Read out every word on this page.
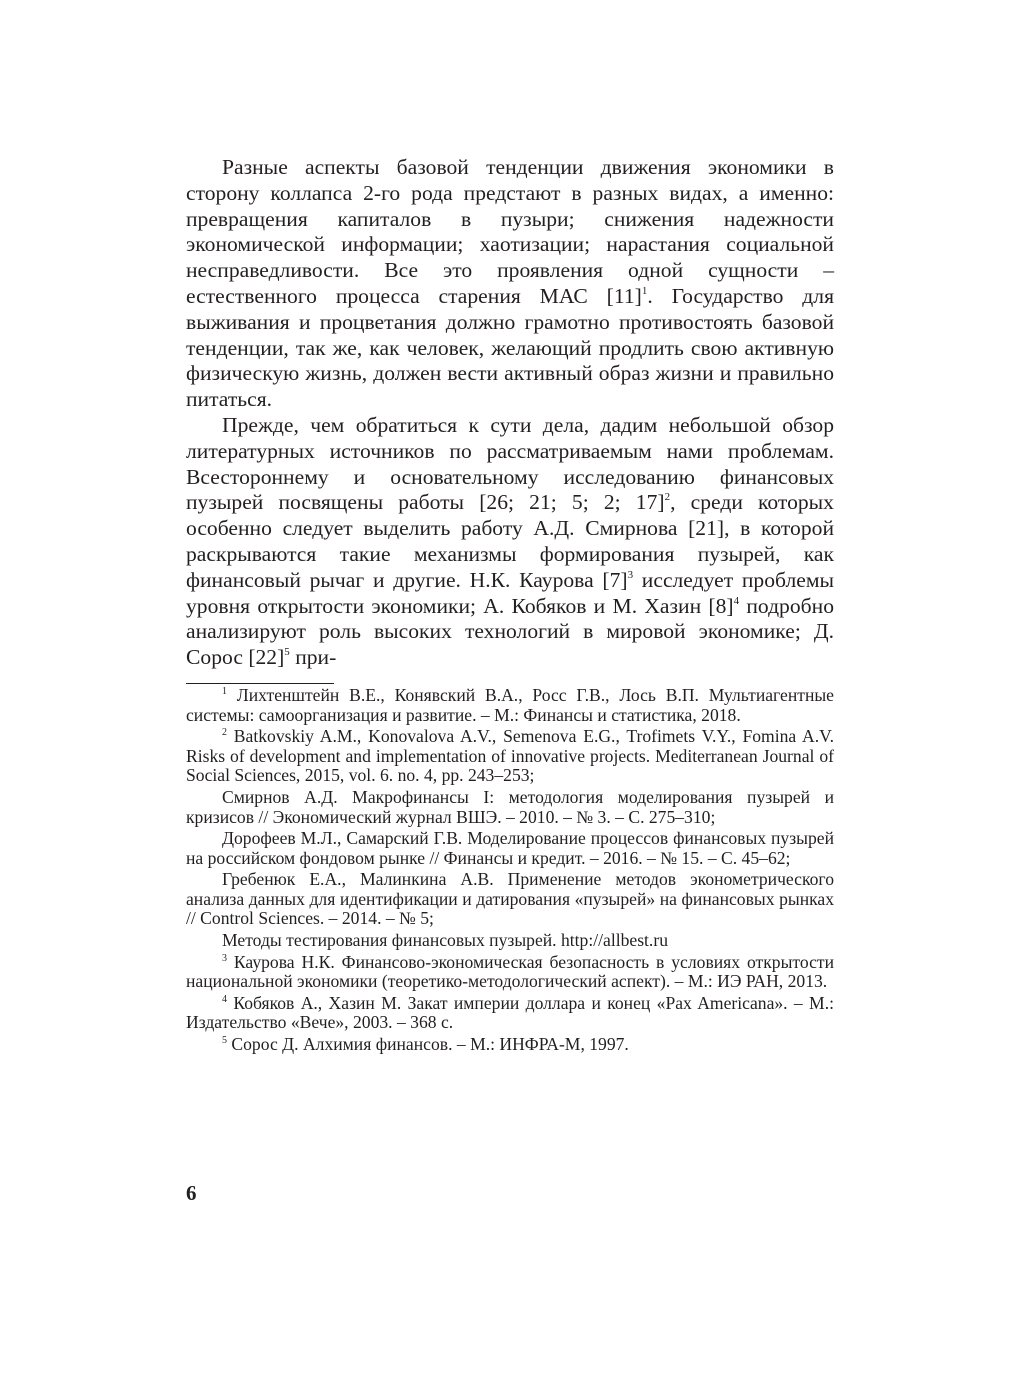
Разные аспекты базовой тенденции движения экономики в сторону коллапса 2-го рода предстают в разных видах, а именно: превращения капиталов в пузыри; снижения надежности экономической информации; хаотизации; нарастания социальной несправедливости. Все это проявления одной сущности – естественного процесса старения МАС $[11]^1$. Государство для выживания и процветания должно грамотно противостоять базовой тенденции, так же, как человек, желающий продлить свою активную физическую жизнь, должен вести активный образ жизни и правильно питаться.

Прежде, чем обратиться к сути дела, дадим небольшой обзор литературных источников по рассматриваемым нами проблемам. Всестороннему и основательному исследованию финансовых пузырей посвящены работы [26; 21; 5; 2; 17]$^2$, среди которых особенно следует выделить работу А.Д. Смирнова [21], в которой раскрываются такие механизмы формирования пузырей, как финансовый рычаг и другие. Н.К. Каурова $[7]^3$ исследует проблемы уровня открытости экономики; А. Кобяков и М. Хазин $[8]^4$ подробно анализируют роль высоких технологий в мировой экономике; Д. Сорос $[22]^5$ при-

$^1$ Лихтенштейн В.Е., Конявский В.А., Росс Г.В., Лось В.П. Мультиагентные системы: самоорганизация и развитие. – М.: Финансы и статистика, 2018.

$^2$ Batkovskiy A.M., Konovalova A.V., Semenova E.G., Trofimets V.Y., Fomina A.V. Risks of development and implementation of innovative projects. Mediterranean Journal of Social Sciences, 2015, vol. 6. no. 4, pp. 243–253;

Смирнов А.Д. Макрофинансы I: методология моделирования пузырей и кризисов // Экономический журнал ВШЭ. – 2010. – № 3. – С. 275–310;

Дорофеев М.Л., Самарский Г.В. Моделирование процессов финансовых пузырей на российском фондовом рынке // Финансы и кредит. – 2016. – № 15. – С. 45–62;

Гребенюк Е.А., Малинкина А.В. Применение методов эконометрического анализа данных для идентификации и датирования «пузырей» на финансовых рынках // Control Sciences. – 2014. – № 5;

Методы тестирования финансовых пузырей. http://allbest.ru

$^3$ Каурова Н.К. Финансово-экономическая безопасность в условиях открытости национальной экономики (теоретико-методологический аспект). – М.: ИЭ РАН, 2013.

$^4$ Кобяков А., Хазин М. Закат империи доллара и конец «Pax Americana». – М.: Издательство «Вече», 2003. – 368 с.

$^5$ Сорос Д. Алхимия финансов. – М.: ИНФРА-М, 1997.

6
